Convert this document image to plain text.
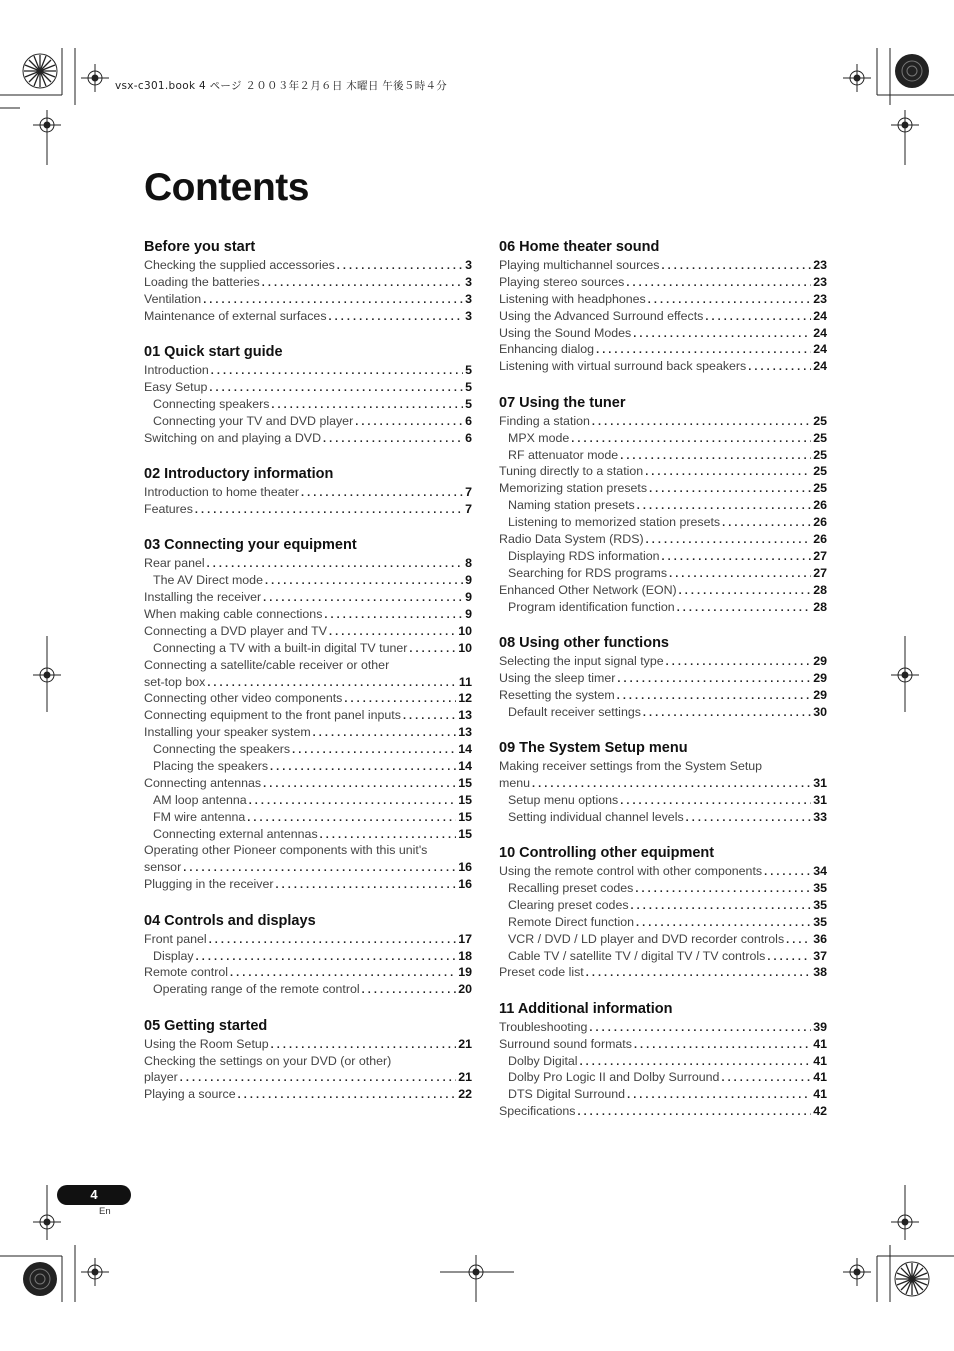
vsx-c301.book 4 ページ ２００３年２月６日 木曜日 午後５時４分
Contents
Before you start
Checking the supplied accessories . . .	3
Loading the batteries . . .	3
Ventilation . . .	3
Maintenance of external surfaces . . .	3
01 Quick start guide
Introduction . . .	5
Easy Setup . . .	5
Connecting speakers . . .	5
Connecting your TV and DVD player . . .	6
Switching on and playing a DVD . . .	6
02 Introductory information
Introduction to home theater . . .	7
Features . . .	7
03 Connecting your equipment
Rear panel . . .	8
The AV Direct mode . . .	9
Installing the receiver . . .	9
When making cable connections . . .	9
Connecting a DVD player and TV . . .	10
Connecting a TV with a built-in digital TV tuner . . .	10
Connecting a satellite/cable receiver or other
set-top box . . .	11
Connecting other video components . . .	12
Connecting equipment to the front panel inputs . . .	13
Installing your speaker system . . .	13
Connecting the speakers . . .	14
Placing the speakers . . .	14
Connecting antennas . . .	15
AM loop antenna . . .	15
FM wire antenna . . .	15
Connecting external antennas . . .	15
Operating other Pioneer components with this unit's
sensor . . .	16
Plugging in the receiver . . .	16
04 Controls and displays
Front panel . . .	17
Display . . .	18
Remote control . . .	19
Operating range of the remote control . . .	20
05 Getting started
Using the Room Setup . . .	21
Checking the settings on your DVD (or other)
player . . .	21
Playing a source . . .	22
06 Home theater sound
Playing multichannel sources . . .	23
Playing stereo sources . . .	23
Listening with headphones . . .	23
Using the Advanced Surround effects . . .	24
Using the Sound Modes . . .	24
Enhancing dialog . . .	24
Listening with virtual surround back speakers . . .	24
07 Using the tuner
Finding a station . . .	25
MPX mode . . .	25
RF attenuator mode . . .	25
Tuning directly to a station . . .	25
Memorizing station presets . . .	25
Naming station presets . . .	26
Listening to memorized station presets . . .	26
Radio Data System (RDS) . . .	26
Displaying RDS information . . .	27
Searching for RDS programs . . .	27
Enhanced Other Network (EON) . . .	28
Program identification function . . .	28
08 Using other functions
Selecting the input signal type . . .	29
Using the sleep timer . . .	29
Resetting the system . . .	29
Default receiver settings . . .	30
09 The System Setup menu
Making receiver settings from the System Setup
menu . . .	31
Setup menu options . . .	31
Setting individual channel levels . . .	33
10 Controlling other equipment
Using the remote control with other components . . .	34
Recalling preset codes . . .	35
Clearing preset codes . . .	35
Remote Direct function . . .	35
VCR / DVD / LD player and DVD recorder controls . . . 36
Cable TV / satellite TV / digital TV / TV controls . . .	37
Preset code list . . .	38
11 Additional information
Troubleshooting . . .	39
Surround sound formats . . .	41
Dolby Digital . . .	41
Dolby Pro Logic II and Dolby Surround . . .	41
DTS Digital Surround . . .	41
Specifications . . .	42
4
En
